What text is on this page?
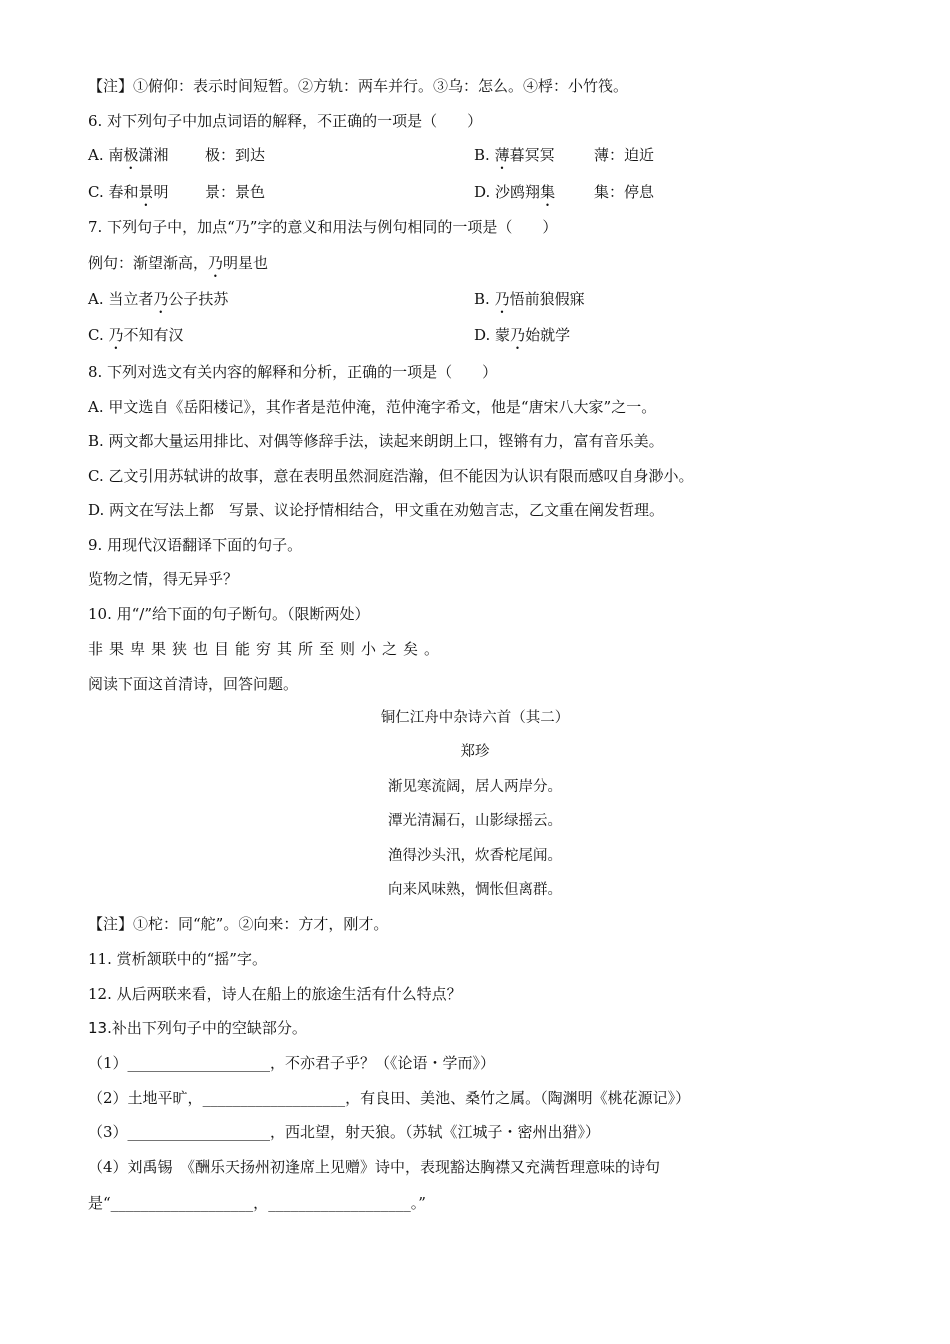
【注】①俯仰：表示时间短暂。②方轨：两车并行。③乌：怎么。④桴：小竹筏。
6. 对下列句子中加点词语的解释，不正确的一项是（　　）
A. 南极潇湘 极：到达	B. 薄暮冥冥	薄：迫近
C. 春和景明 景：景色	D. 沙鸥翔集	集：停息
7. 下列句子中，加点“乃”字的意义和用法与例句相同的一项是（　　）
例句：渐望渐高，乃明星也
A. 当立者乃公子扶苏	B. 乃悟前狼假寐
C. 乃不知有汉	D. 蒙乃始就学
8. 下列对选文有关内容的解释和分析，正确的一项是（　　）
A. 甲文选自《岳阳楼记》，其作者是范仲淹，范仲淹字希文，他是“唐宋八大家”之一。
B. 两文都大量运用排比、对偶等修辞手法，读起来朗朗上口，铿锵有力，富有音乐美。
C. 乙文引用苏轼讲的故事，意在表明虽然洞庭浩瀚，但不能因为认识有限而感叹自身渺小。
D. 两文在写法上都　写景、议论抒情相结合，甲文重在劝勉言志，乙文重在阐发哲理。
9. 用现代汉语翻译下面的句子。
览物之情，得无异乎？
10. 用“/”给下面的句子断句。（限断两处）
非果卑果狭也目能穷其所至则小之矣。
阅读下面这首清诗，回答问题。
铜仁江舟中杂诗六首（其二）
郑珍
渐见寒流阔，居人两岸分。
潭光清漏石，山影绿摇云。
渔得沙头汛，炊香柁尾闻。
向来风味熟，惆怅但离群。
【注】①柁：同“舵”。②向来：方才，刚才。
11. 赏析颔联中的“摇”字。
12. 从后两联来看，诗人在船上的旅途生活有什么特点？
13.补出下列句子中的空缺部分。
（1）___________________，不亦君子乎？（《论语・学而》）
（2）土地平旷，___________________，有良田、美池、桑竹之属。（陶渊明《桃花源记》）
（3）___________________，西北望，射天狼。（苏轼《江城子・密州出猎》）
（4）刘禹锡　《酬乐天扬州初逢席上见赠》诗中，表现豁达胸襟又充满哲理意味的诗句
是“___________________，___________________。”
